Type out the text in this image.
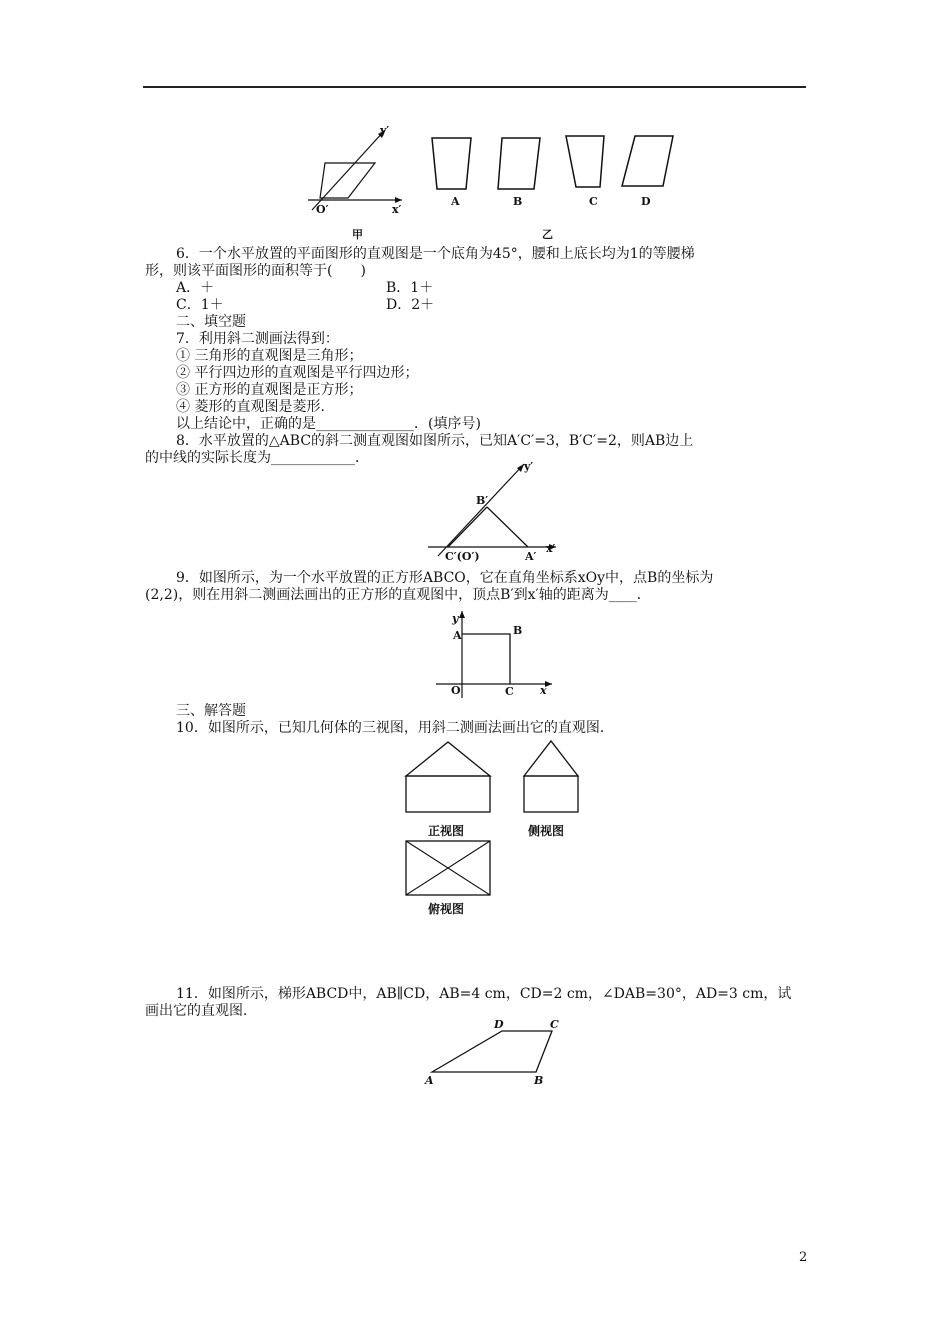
y′
x′
O′
A	B	C	D
甲	乙
6．一个水平放置的平面图形的直观图是一个底角为45°，腰和上底长均为1的等腰梯
形，则该平面图形的面积等于(　　)
A．＋	B．1＋
C．1＋	D．2＋
二、填空题
7．利用斜二测画法得到：
① 三角形的直观图是三角形；
② 平行四边形的直观图是平行四边形；
③ 正方形的直观图是正方形；
④ 菱形的直观图是菱形．
以上结论中，正确的是______________．(填序号)
8．水平放置的△ABC的斜二测直观图如图所示，已知A′C′=3，B′C′=2，则AB边上
的中线的实际长度为____________．
y′
x′
B′
C′(O′)	A′
9．如图所示，为一个水平放置的正方形ABCO，它在直角坐标系xOy中，点B的坐标为
(2,2)，则在用斜二测画法画出的正方形的直观图中，顶点B′到x′轴的距离为____．
y
x
A	B
O	C
三、解答题
10．如图所示，已知几何体的三视图，用斜二测画法画出它的直观图．
正视图	侧视图
俯视图
11．如图所示，梯形ABCD中，AB∥CD，AB=4 cm，CD=2 cm，∠DAB=30°，AD=3 cm，试
画出它的直观图．
D	C
A	B
2
